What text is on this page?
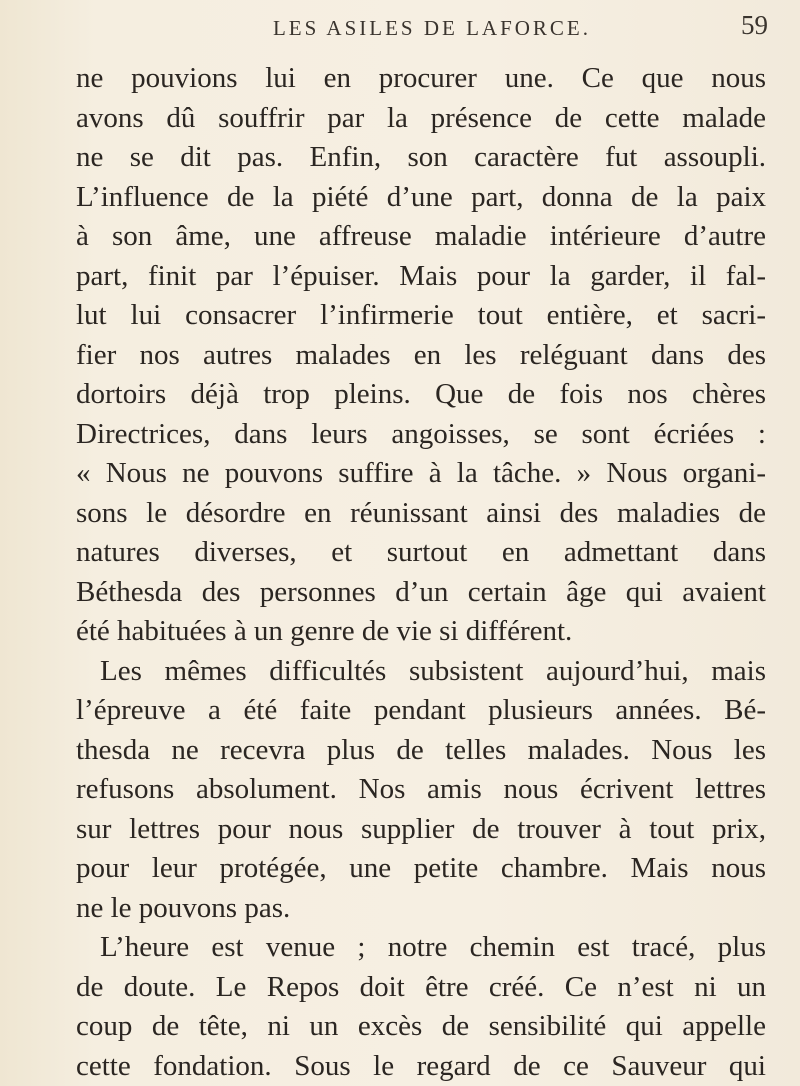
LES ASILES DE LAFORCE.	59
ne pouvions lui en procurer une. Ce que nous
avons dû souffrir par la présence de cette malade
ne se dit pas. Enfin, son caractère fut assoupli.
L’influence de la piété d’une part, donna de la paix
à son âme, une affreuse maladie intérieure d’autre
part, finit par l’épuiser. Mais pour la garder, il fal-
lut lui consacrer l’infirmerie tout entière, et sacri-
fier nos autres malades en les reléguant dans des
dortoirs déjà trop pleins. Que de fois nos chères
Directrices, dans leurs angoisses, se sont écriées :
« Nous ne pouvons suffire à la tâche. » Nous organi-
sons le désordre en réunissant ainsi des maladies de
natures diverses, et surtout en admettant dans
Béthesda des personnes d’un certain âge qui avaient
été habituées à un genre de vie si différent.
Les mêmes difficultés subsistent aujourd’hui, mais
l’épreuve a été faite pendant plusieurs années. Bé-
thesda ne recevra plus de telles malades. Nous les
refusons absolument. Nos amis nous écrivent lettres
sur lettres pour nous supplier de trouver à tout prix,
pour leur protégée, une petite chambre. Mais nous
ne le pouvons pas.
L’heure est venue ; notre chemin est tracé, plus
de doute. Le Repos doit être créé. Ce n’est ni un
coup de tête, ni un excès de sensibilité qui appelle
cette fondation. Sous le regard de ce Sauveur qui
